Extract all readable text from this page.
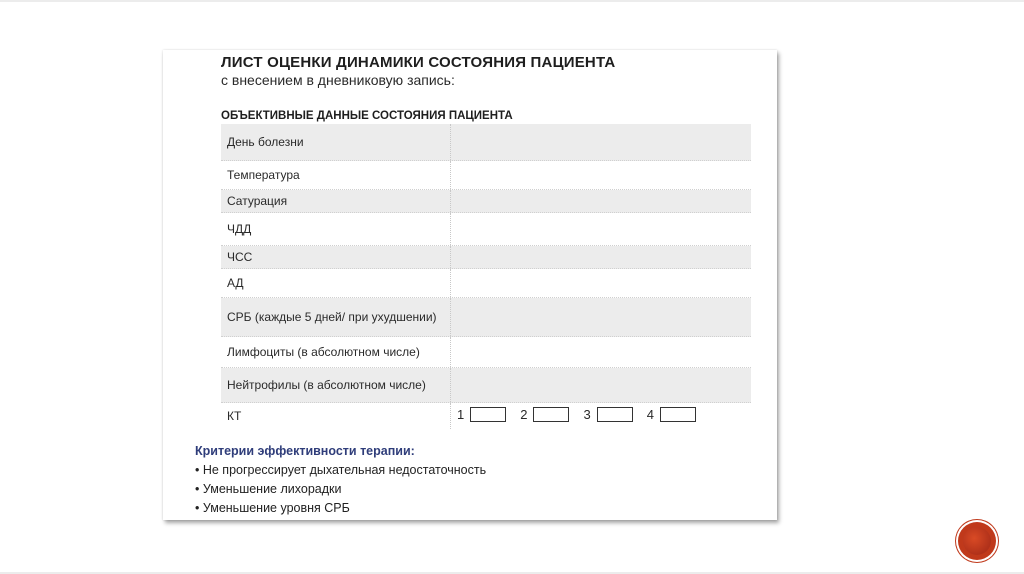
ЛИСТ ОЦЕНКИ ДИНАМИКИ СОСТОЯНИЯ ПАЦИЕНТА
с внесением в дневниковую запись:
ОБЪЕКТИВНЫЕ ДАННЫЕ СОСТОЯНИЯ ПАЦИЕНТА
День болезни
Температура
Сатурация
ЧДД
ЧСС
АД
СРБ (каждые 5 дней/ при ухудшении)
Лимфоциты (в абсолютном числе)
Нейтрофилы (в абсолютном числе)
КТ	1	2	3	4
Критерии эффективности терапии:
• Не прогрессирует дыхательная недостаточность
• Уменьшение лихорадки
• Уменьшение уровня СРБ
